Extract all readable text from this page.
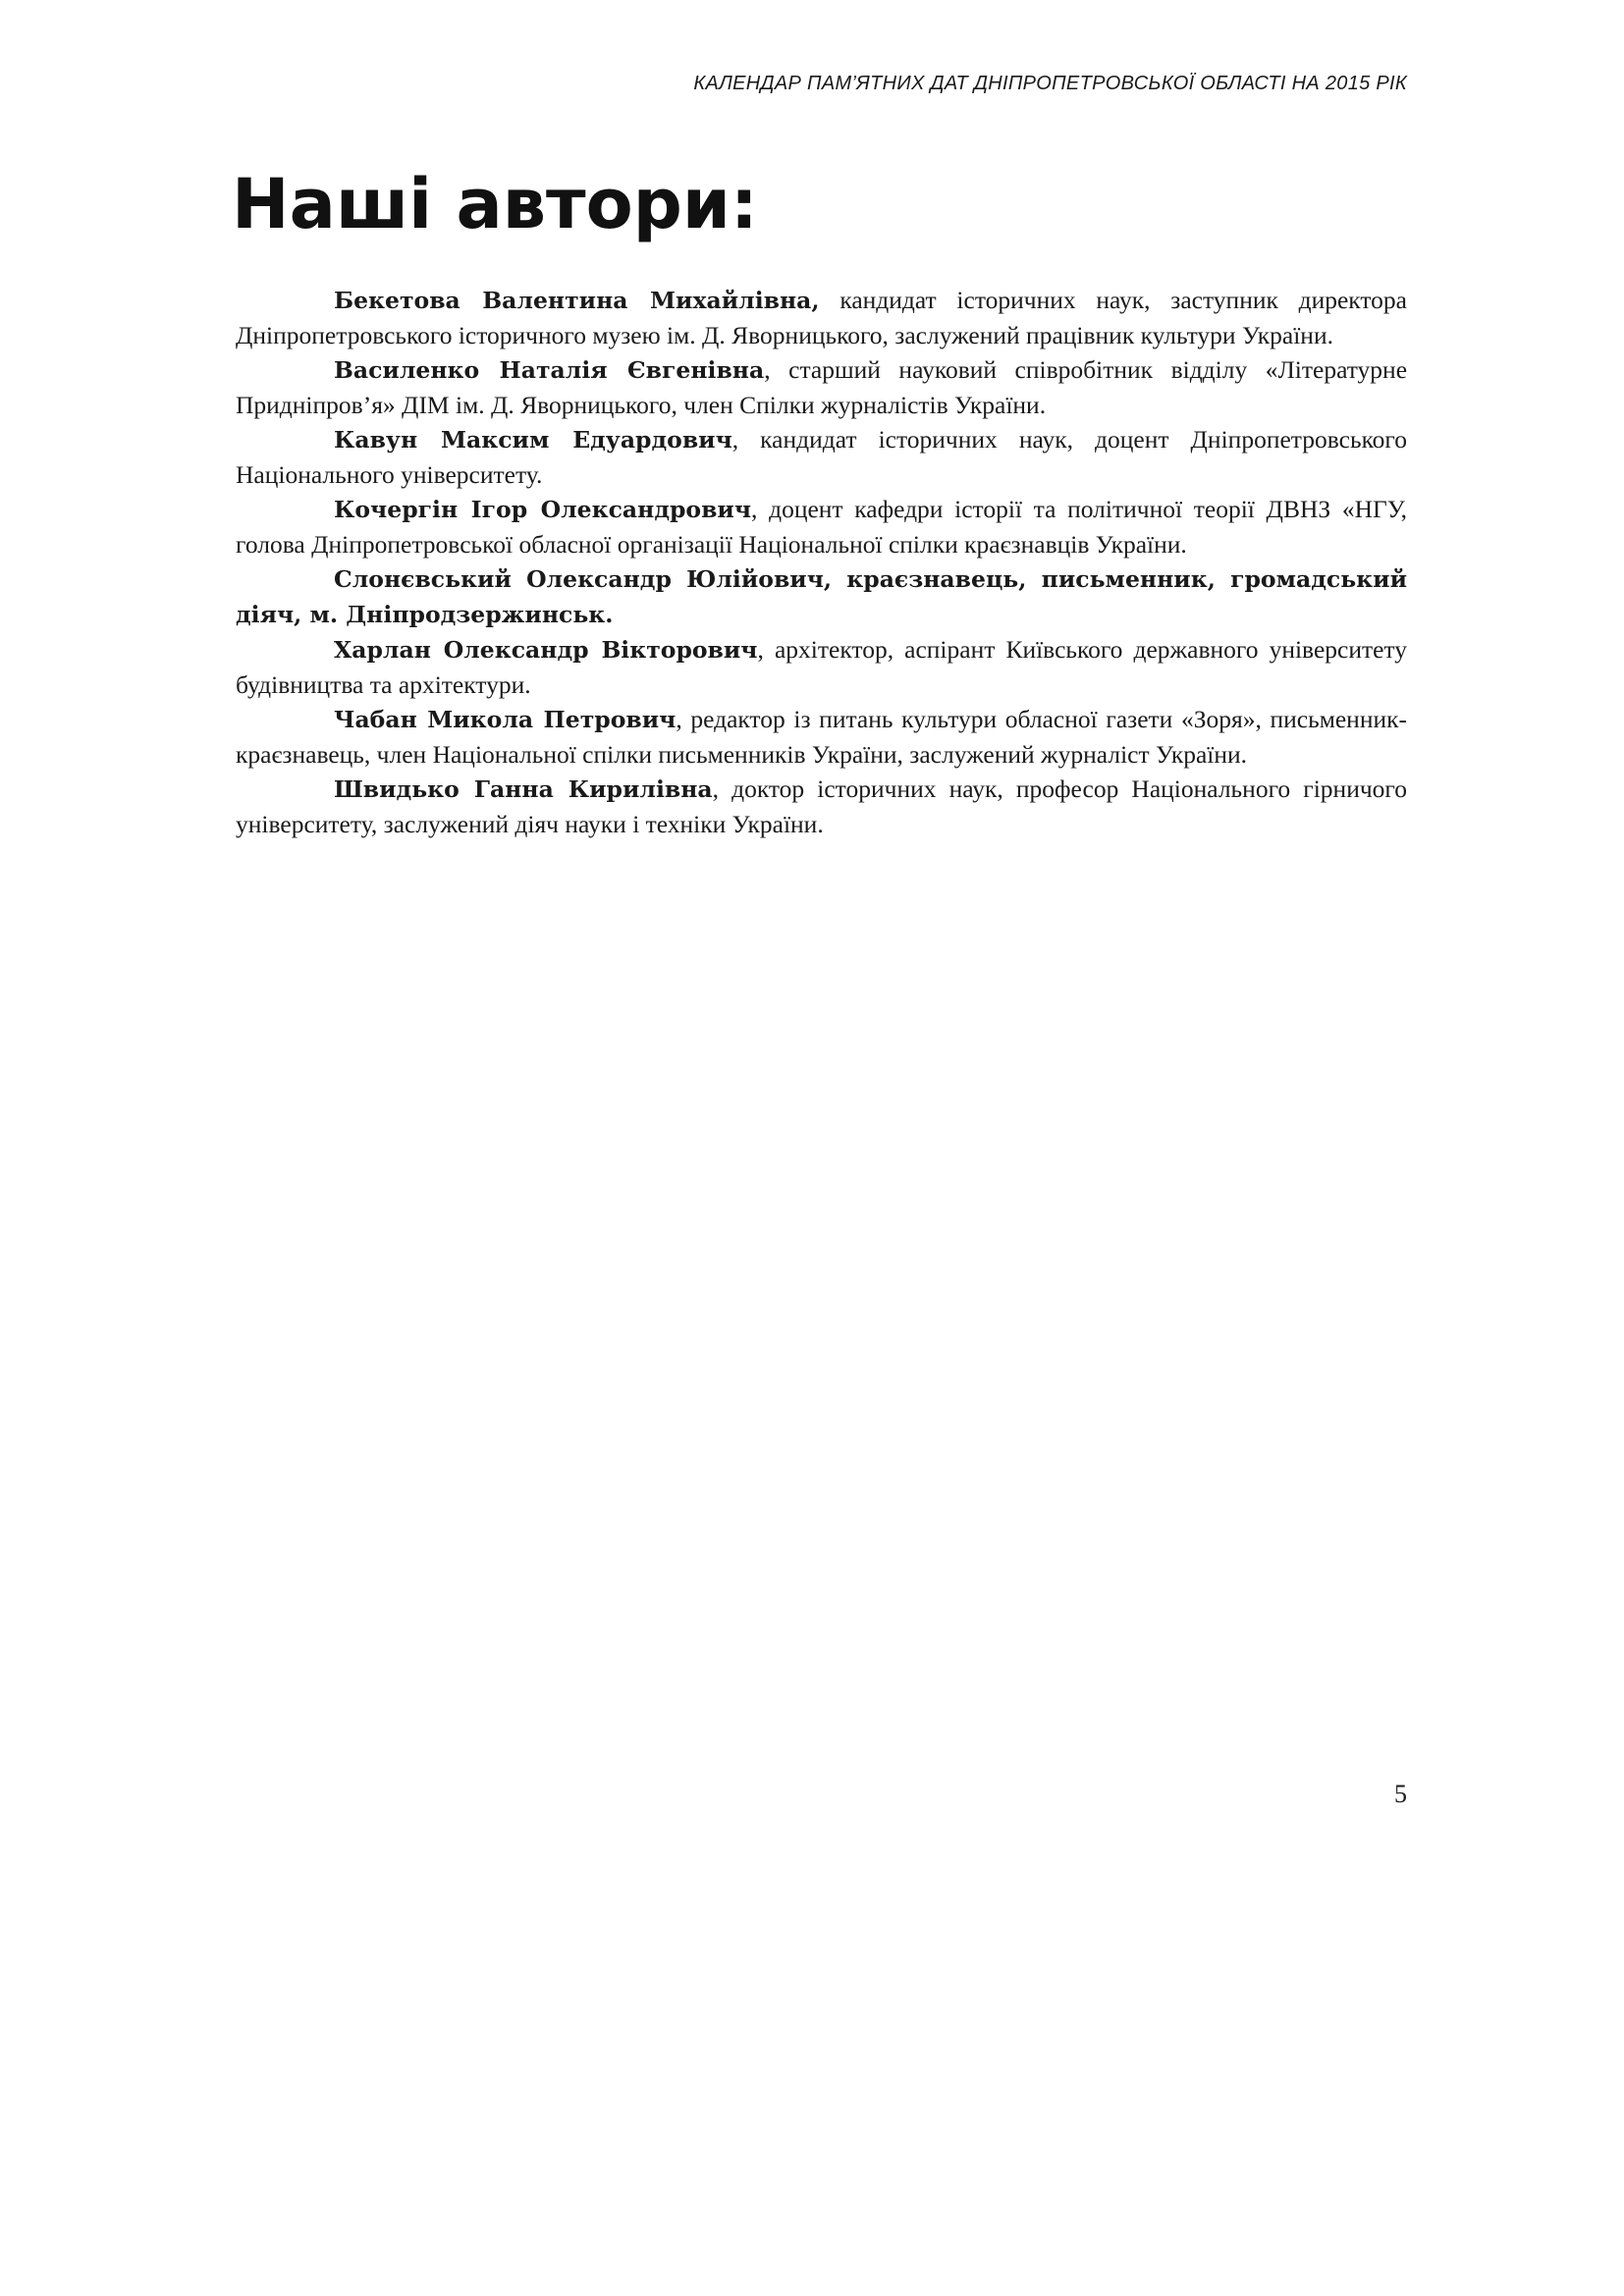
КАЛЕНДАР ПАМ’ЯТНИХ ДАТ ДНІПРОПЕТРОВСЬКОЇ ОБЛАСТІ НА 2015 РІК
Наші автори:

Бекетова Валентина Михайлівна, кандидат історичних наук, заступник директора Дніпропетровського історичного музею ім. Д. Яворницького, заслужений працівник культури України.

Василенко Наталія Євгенівна, старший науковий співробітник відділу «Літературне Придніпров’я» ДІМ ім. Д. Яворницького, член Спілки журналістів України.

Кавун Максим Едуардович, кандидат історичних наук, доцент Дніпропетровського Національного університету.

Кочергін Ігор Олександрович, доцент кафедри історії та політичної теорії ДВНЗ «НГУ, голова Дніпропетровської обласної організації Національної спілки краєзнавців України.

Слонєвський Олександр Юлійович, краєзнавець, письменник, громадський діяч, м. Дніпродзержинськ.

Харлан Олександр Вікторович, архітектор, аспірант Київського державного університету будівництва та архітектури.

Чабан Микола Петрович, редактор із питань культури обласної газети «Зоря», письменник-краєзнавець, член Національної спілки письменників України, заслужений журналіст України.

Швидько Ганна Кирилівна, доктор історичних наук, професор Національного гірничого університету, заслужений діяч науки і техніки України.

5
